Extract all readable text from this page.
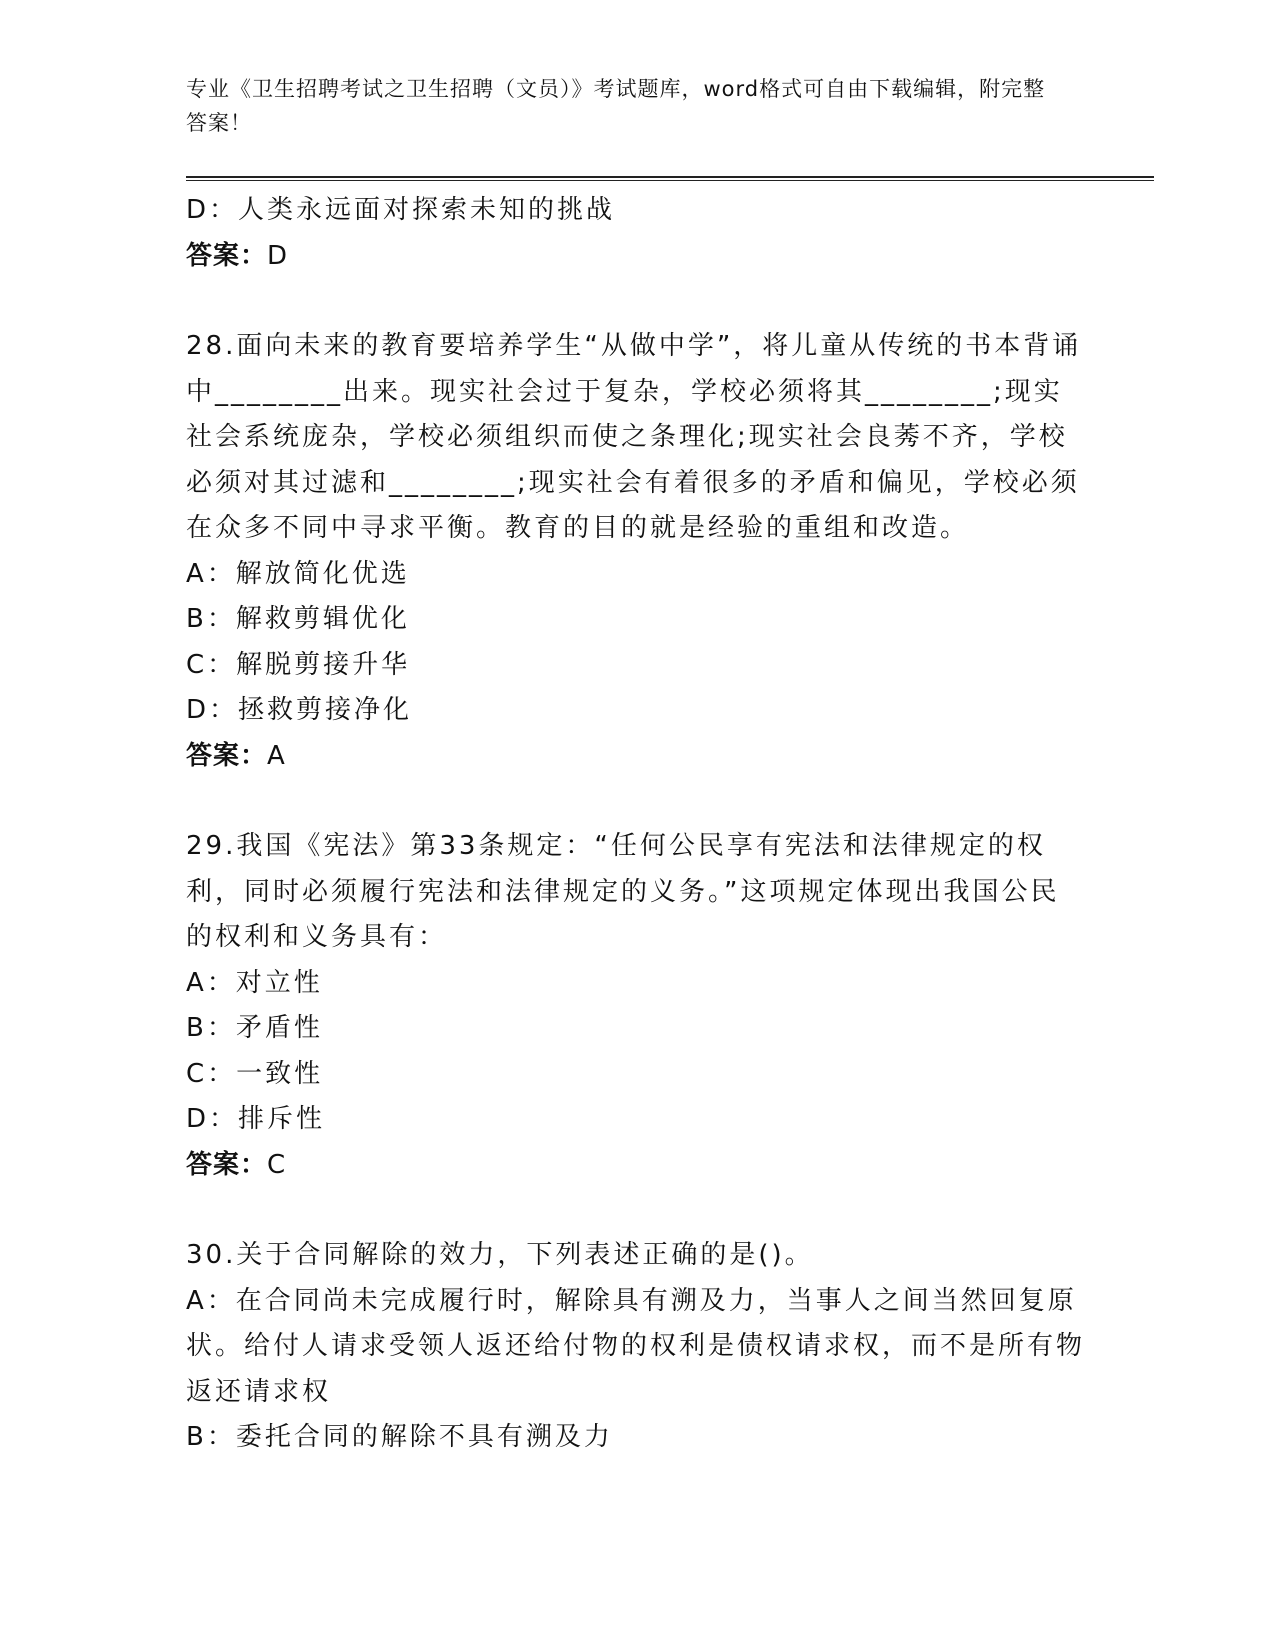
专业《卫生招聘考试之卫生招聘（文员）》考试题库，word格式可自由下载编辑，附完整答案！

D：人类永远面对探索未知的挑战

答案：D

28.面向未来的教育要培养学生“从做中学”，将儿童从传统的书本背诵中________出来。现实社会过于复杂，学校必须将其________;现实社会系统庞杂，学校必须组织而使之条理化;现实社会良莠不齐，学校必须对其过滤和________;现实社会有着很多的矛盾和偏见，学校必须在众多不同中寻求平衡。教育的目的就是经验的重组和改造。

A：解放简化优选

B：解救剪辑优化

C：解脱剪接升华

D：拯救剪接净化

答案：A

29.我国《宪法》第33条规定：“任何公民享有宪法和法律规定的权利，同时必须履行宪法和法律规定的义务。”这项规定体现出我国公民的权利和义务具有：

A：对立性

B：矛盾性

C：一致性

D：排斥性

答案：C

30.关于合同解除的效力，下列表述正确的是()。

A：在合同尚未完成履行时，解除具有溯及力，当事人之间当然回复原状。给付人请求受领人返还给付物的权利是债权请求权，而不是所有物返还请求权

B：委托合同的解除不具有溯及力
